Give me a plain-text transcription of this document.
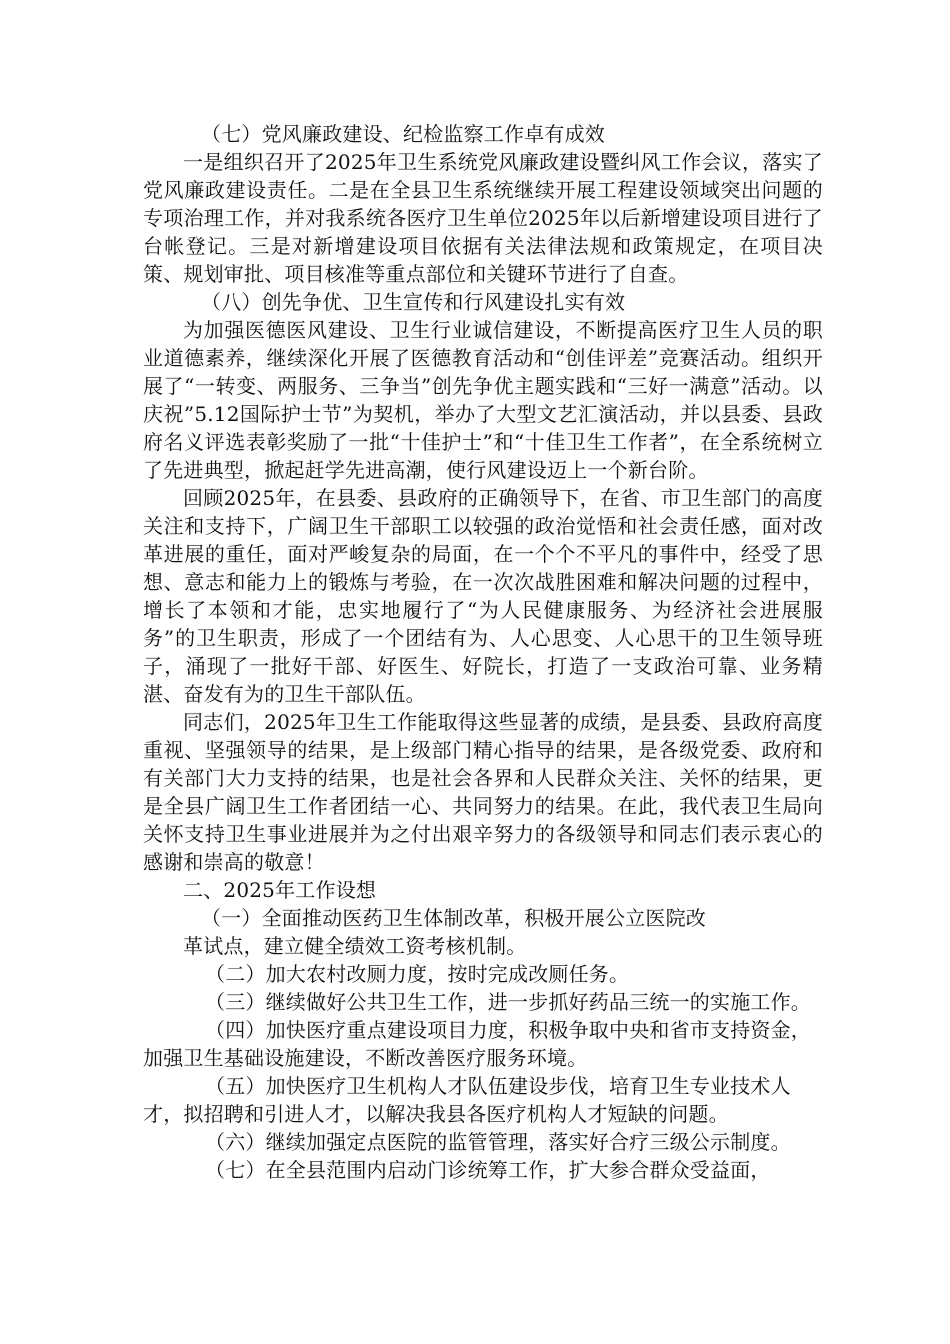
（七）党风廉政建设、纪检监察工作卓有成效

一是组织召开了2025年卫生系统党风廉政建设暨纠风工作会议，落实了党风廉政建设责任。二是在全县卫生系统继续开展工程建设领域突出问题的专项治理工作，并对我系统各医疗卫生单位2025年以后新增建设项目进行了台帐登记。三是对新增建设项目依据有关法律法规和政策规定，在项目决策、规划审批、项目核准等重点部位和关键环节进行了自查。

（八）创先争优、卫生宣传和行风建设扎实有效

为加强医德医风建设、卫生行业诚信建设，不断提高医疗卫生人员的职业道德素养，继续深化开展了医德教育活动和“创佳评差”竞赛活动。组织开展了“一转变、两服务、三争当”创先争优主题实践和“三好一满意”活动。以庆祝”5.12国际护士节”为契机，举办了大型文艺汇演活动，并以县委、县政府名义评选表彰奖励了一批“十佳护士”和“十佳卫生工作者”，在全系统树立了先进典型，掀起赶学先进高潮，使行风建设迈上一个新台阶。

回顾2025年，在县委、县政府的正确领导下，在省、市卫生部门的高度关注和支持下，广阔卫生干部职工以较强的政治觉悟和社会责任感，面对改革进展的重任，面对严峻复杂的局面，在一个个不平凡的事件中，经受了思想、意志和能力上的锻炼与考验，在一次次战胜困难和解决问题的过程中，增长了本领和才能，忠实地履行了“为人民健康服务、为经济社会进展服务”的卫生职责，形成了一个团结有为、人心思变、人心思干的卫生领导班子，涌现了一批好干部、好医生、好院长，打造了一支政治可靠、业务精湛、奋发有为的卫生干部队伍。

同志们，2025年卫生工作能取得这些显著的成绩，是县委、县政府高度重视、坚强领导的结果，是上级部门精心指导的结果，是各级党委、政府和有关部门大力支持的结果，也是社会各界和人民群众关注、关怀的结果，更是全县广阔卫生工作者团结一心、共同努力的结果。在此，我代表卫生局向关怀支持卫生事业进展并为之付出艰辛努力的各级领导和同志们表示衷心的感谢和崇高的敬意！

二、2025年工作设想

（一）全面推动医药卫生体制改革，积极开展公立医院改

革试点，建立健全绩效工资考核机制。

（二）加大农村改厕力度，按时完成改厕任务。

（三）继续做好公共卫生工作，进一步抓好药品三统一的实施工作。

（四）加快医疗重点建设项目力度，积极争取中央和省市支持资金，加强卫生基础设施建设，不断改善医疗服务环境。

（五）加快医疗卫生机构人才队伍建设步伐，培育卫生专业技术人才，拟招聘和引进人才，以解决我县各医疗机构人才短缺的问题。

（六）继续加强定点医院的监管管理，落实好合疗三级公示制度。

（七）在全县范围内启动门诊统筹工作，扩大参合群众受益面，
